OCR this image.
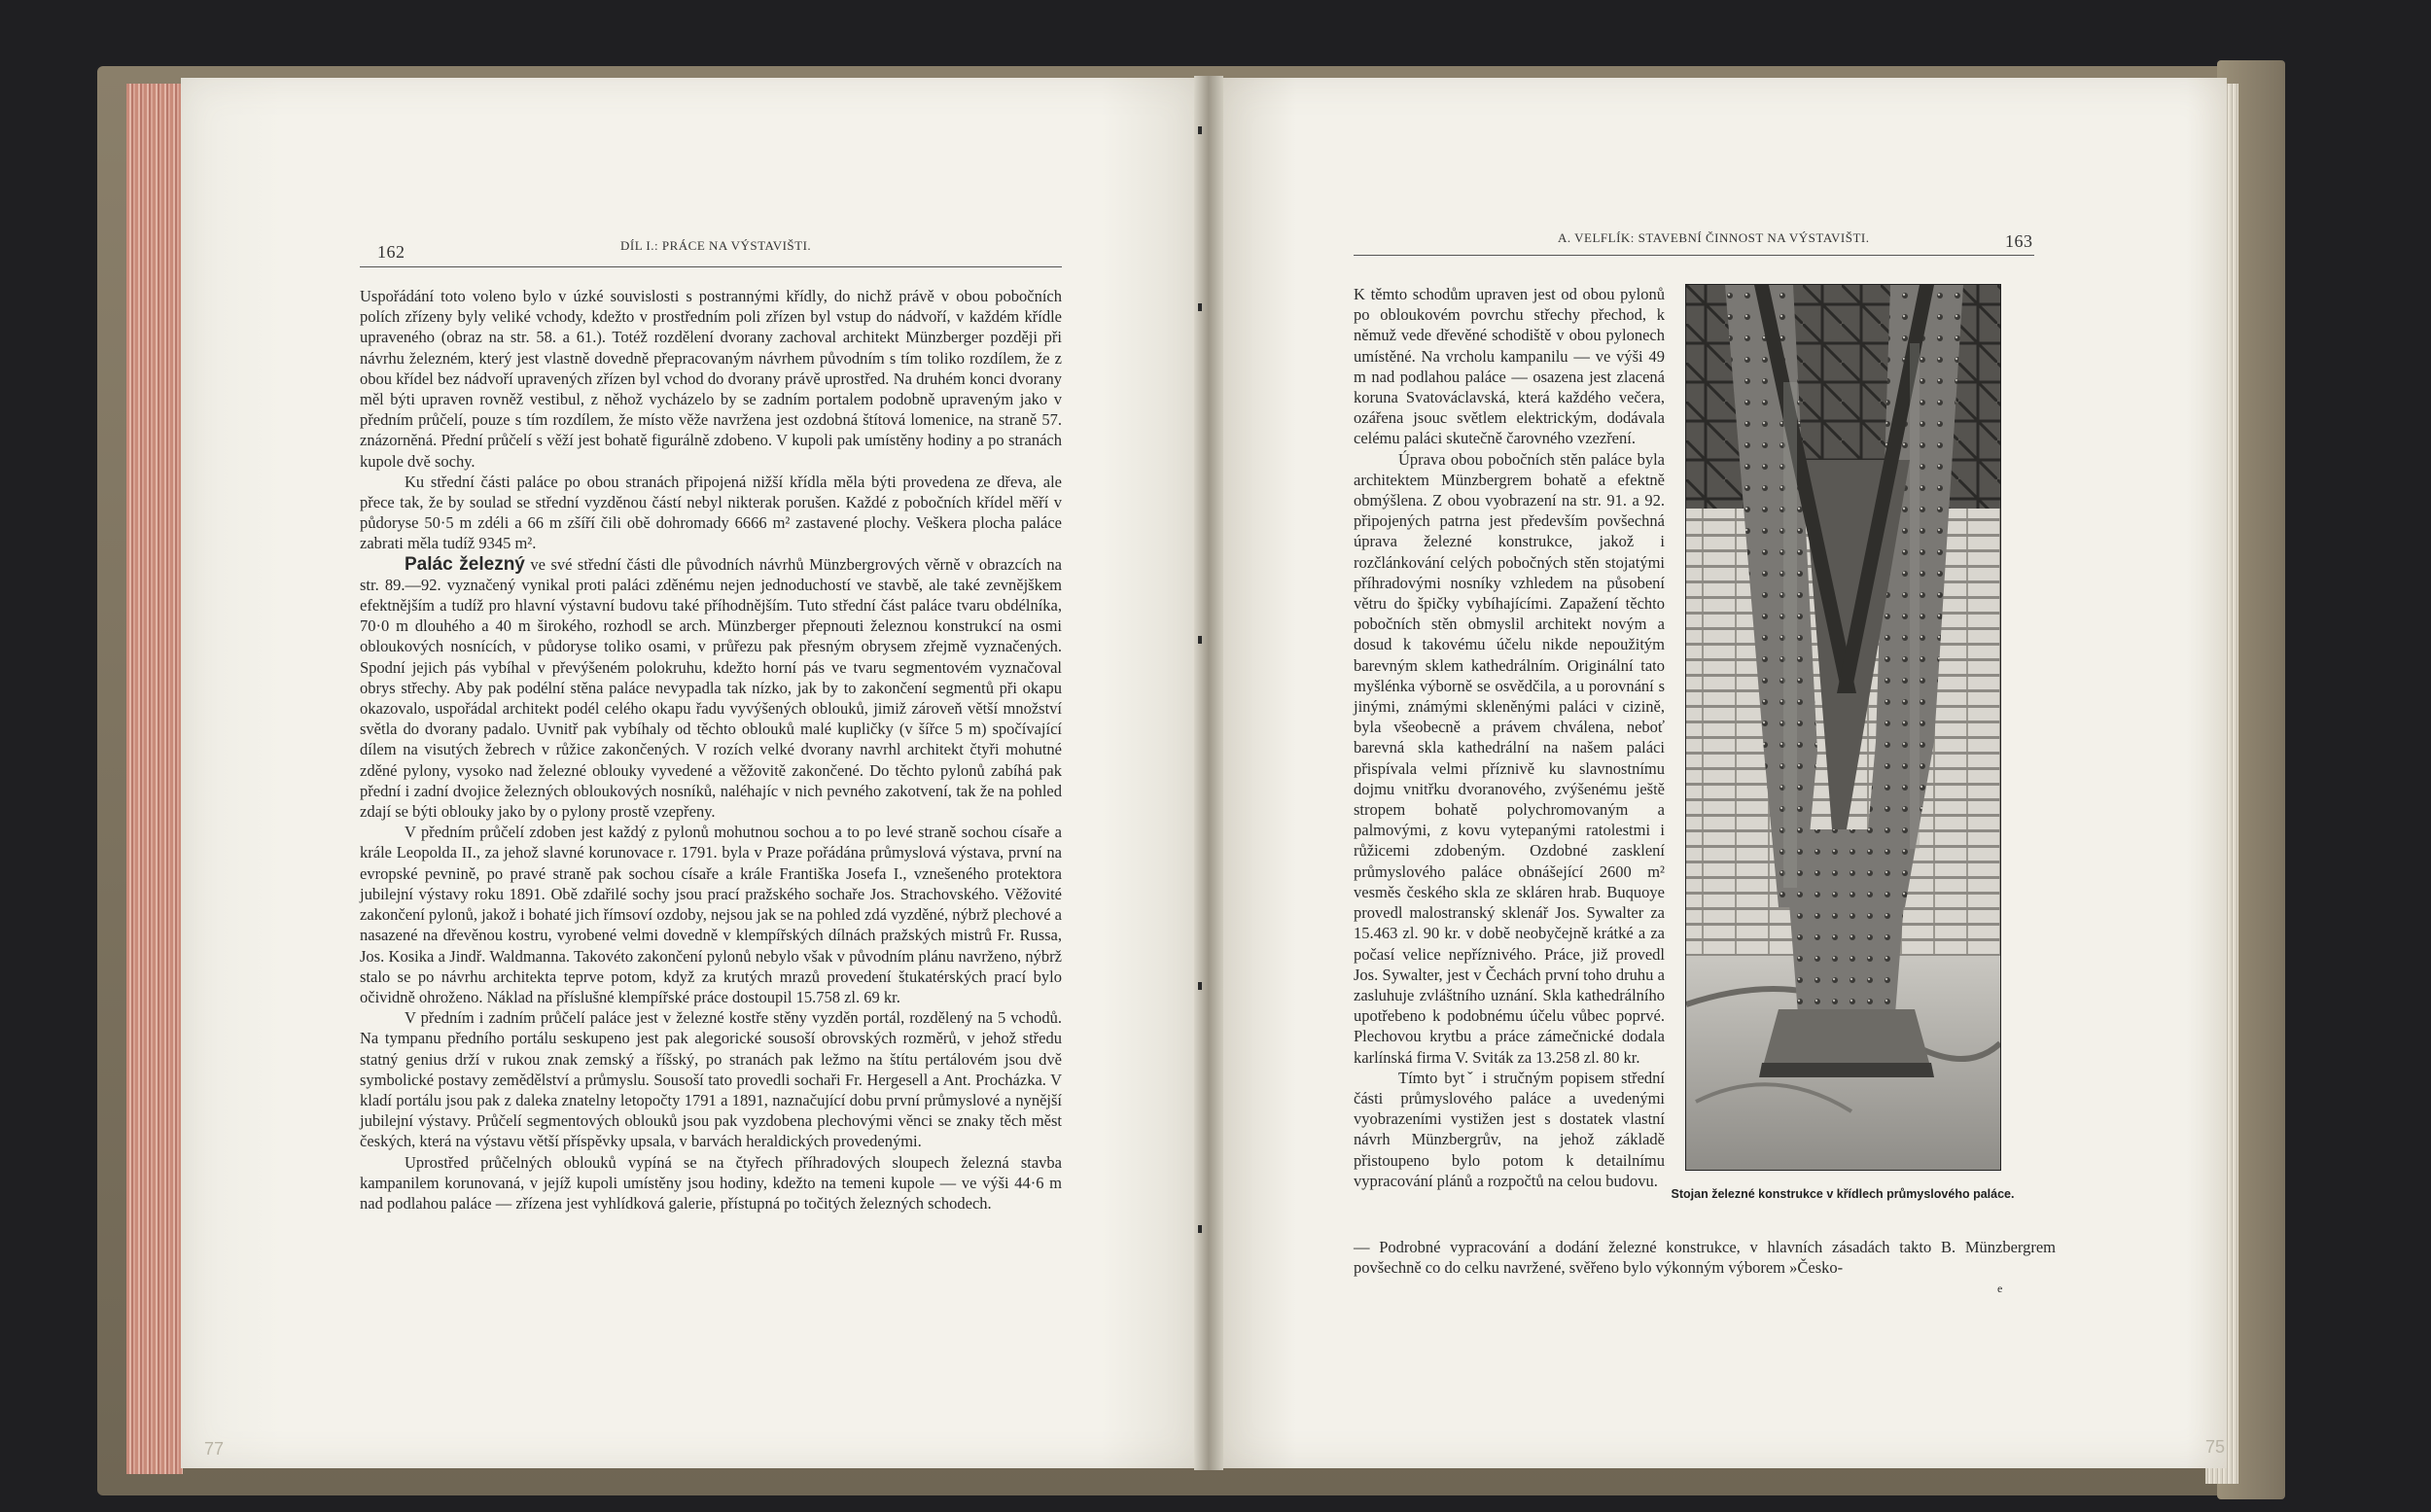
162	DÍL I.: PRÁCE NA VÝSTAVIŠTI.

Uspořádání toto voleno bylo v úzké souvislosti s postrannými křídly, do nichž právě v obou pobočních polích zřízeny byly veliké vchody, kdežto v prostředním poli zřízen byl vstup do nádvoří, v každém křídle upraveného (obraz na str. 58. a 61.). Totéž rozdělení dvorany zachoval architekt Münzberger později při návrhu železném, který jest vlastně dovedně přepracovaným návrhem původním s tím toliko rozdílem, že z obou křídel bez nádvoří upravených zřízen byl vchod do dvorany právě uprostřed. Na druhém konci dvorany měl býti upraven rovněž vestibul, z něhož vycházelo by se zadním portalem podobně upraveným jako v předním průčelí, pouze s tím rozdílem, že místo věže navržena jest ozdobná štítová lomenice, na straně 57. znázorněná. Přední průčelí s věží jest bohatě figurálně zdobeno. V kupoli pak umístěny hodiny a po stranách kupole dvě sochy.

Ku střední části paláce po obou stranách připojená nižší křídla měla býti provedena ze dřeva, ale přece tak, že by soulad se střední vyzděnou částí nebyl nikterak porušen. Každé z pobočních křídel měří v půdoryse 50·5 m zdéli a 66 m zšíří čili obě dohromady 6666 m² zastavené plochy. Veškera plocha paláce zabrati měla tudíž 9345 m².

Palác železný ve své střední části dle původních návrhů Münzbergrových věrně v obrazcích na str. 89.—92. vyznačený vynikal proti paláci zděnému nejen jednoduchostí ve stavbě, ale také zevnějškem efektnějším a tudíž pro hlavní výstavní budovu také příhodnějším. Tuto střední část paláce tvaru obdélníka, 70·0 m dlouhého a 40 m širokého, rozhodl se arch. Münzberger přepnouti železnou konstrukcí na osmi obloukových nosnících, v půdoryse toliko osami, v průřezu pak přesným obrysem zřejmě vyznačených. Spodní jejich pás vybíhal v převýšeném polokruhu, kdežto horní pás ve tvaru segmentovém vyznačoval obrys střechy. Aby pak podélní stěna paláce nevypadla tak nízko, jak by to zakončení segmentů při okapu okazovalo, uspořádal architekt podél celého okapu řadu vyvýšených oblouků, jimiž zároveň větší množství světla do dvorany padalo. Uvnitř pak vybíhaly od těchto oblouků malé kupličky (v šířce 5 m) spočívající dílem na visutých žebrech v růžice zakončených. V rozích velké dvorany navrhl architekt čtyři mohutné zděné pylony, vysoko nad železné oblouky vyvedené a věžovitě zakončené. Do těchto pylonů zabíhá pak přední i zadní dvojice železných obloukových nosníků, naléhajíc v nich pevného zakotvení, tak že na pohled zdají se býti oblouky jako by o pylony prostě vzepřeny.

V předním průčelí zdoben jest každý z pylonů mohutnou sochou a to po levé straně sochou císaře a krále Leopolda II., za jehož slavné korunovace r. 1791. byla v Praze pořádána průmyslová výstava, první na evropské pevnině, po pravé straně pak sochou císaře a krále Františka Josefa I., vznešeného protektora jubilejní výstavy roku 1891. Obě zdařilé sochy jsou prací pražského sochaře Jos. Strachovského. Věžovité zakončení pylonů, jakož i bohaté jich římsoví ozdoby, nejsou jak se na pohled zdá vyzděné, nýbrž plechové a nasazené na dřevěnou kostru, vyrobené velmi dovedně v klempířských dílnách pražských mistrů Fr. Russa, Jos. Kosika a Jindř. Waldmanna. Takovéto zakončení pylonů nebylo však v původním plánu navrženo, nýbrž stalo se po návrhu architekta teprve potom, když za krutých mrazů provedení štukatérských prací bylo očividně ohroženo. Náklad na příslušné klempířské práce dostoupil 15.758 zl. 69 kr.

V předním i zadním průčelí paláce jest v železné kostře stěny vyzděn portál, rozdělený na 5 vchodů. Na tympanu předního portálu seskupeno jest pak alegorické sousoší obrovských rozměrů, v jehož středu statný genius drží v rukou znak zemský a říšský, po stranách pak ležmo na štítu pertálovém jsou dvě symbolické postavy zemědělství a průmyslu. Sousoší tato provedli sochaři Fr. Hergesell a Ant. Procházka. V kladí portálu jsou pak z daleka znatelny letopočty 1791 a 1891, naznačující dobu první průmyslové a nynější jubilejní výstavy. Průčelí segmentových oblouků jsou pak vyzdobena plechovými věnci se znaky těch měst českých, která na výstavu větší příspěvky upsala, v barvách heraldických provedenými.

Uprostřed průčelných oblouků vypíná se na čtyřech příhradových sloupech železná stavba kampanilem korunovaná, v jejíž kupoli umístěny jsou hodiny, kdežto na temeni kupole — ve výši 44·6 m nad podlahou paláce — zřízena jest vyhlídková galerie, přístupná po točitých železných schodech.

A. VELFLÍK: STAVEBNÍ ČINNOST NA VÝSTAVIŠTI.	163

K těmto schodům upraven jest od obou pylonů po obloukovém povrchu střechy přechod, k němuž vede dřevěné schodiště v obou pylonech umístěné. Na vrcholu kampanilu — ve výši 49 m nad podlahou paláce — osazena jest zlacená koruna Svatováclavská, která každého večera, ozářena jsouc světlem elektrickým, dodávala celému paláci skutečně čarovného vzezření.

Úprava obou pobočních stěn paláce byla architektem Münzbergrem bohatě a efektně obmýšlena. Z obou vyobrazení na str. 91. a 92. připojených patrna jest především povšechná úprava železné konstrukce, jakož i rozčlánkování celých pobočných stěn stojatými příhradovými nosníky vzhledem na působení větru do špičky vybíhajícími. Zapažení těchto pobočních stěn obmyslil architekt novým a dosud k takovému účelu nikde nepoužitým barevným sklem kathedrálním. Originální tato myšlénka výborně se osvědčila, a u porovnání s jinými, známými skleněnými paláci v cizině, byla všeobecně a právem chválena, neboť barevná skla kathedrální na našem paláci přispívala velmi příznivě ku slavnostnímu dojmu vnitřku dvoranového, zvýšenému ještě stropem bohatě polychromovaným a palmovými, z kovu vytepanými ratolestmi i růžicemi zdobeným. Ozdobné zasklení průmyslového paláce obnášející 2600 m² vesměs českého skla ze skláren hrab. Buquoye provedl malostranský sklenář Jos. Sywalter za 15.463 zl. 90 kr. v době neobyčejně krátké a za počasí velice nepříznivého. Práce, již provedl Jos. Sywalter, jest v Čechách první toho druhu a zasluhuje zvláštního uznání. Skla kathedrálního upotřebeno k podobnému účelu vůbec poprvé. Plechovou krytbu a práce zámečnické dodala karlínská firma V. Sviták za 13.258 zl. 80 kr.

Tímto bytˇ i stručným popisem střední části průmyslového paláce a uvedenými vyobrazeními vystižen jest s dostatek vlastní návrh Münzbergrův, na jehož základě přistoupeno bylo potom k detailnímu vypracování plánů a rozpočtů na celou budovu.

— Podrobné vypracování a dodání železné konstrukce, v hlavních zásadách takto B. Münzbergrem povšechně co do celku navržené, svěřeno bylo výkonným výborem »Česko-

e
Stojan železné konstrukce v křídlech průmyslového paláce.
77	75
